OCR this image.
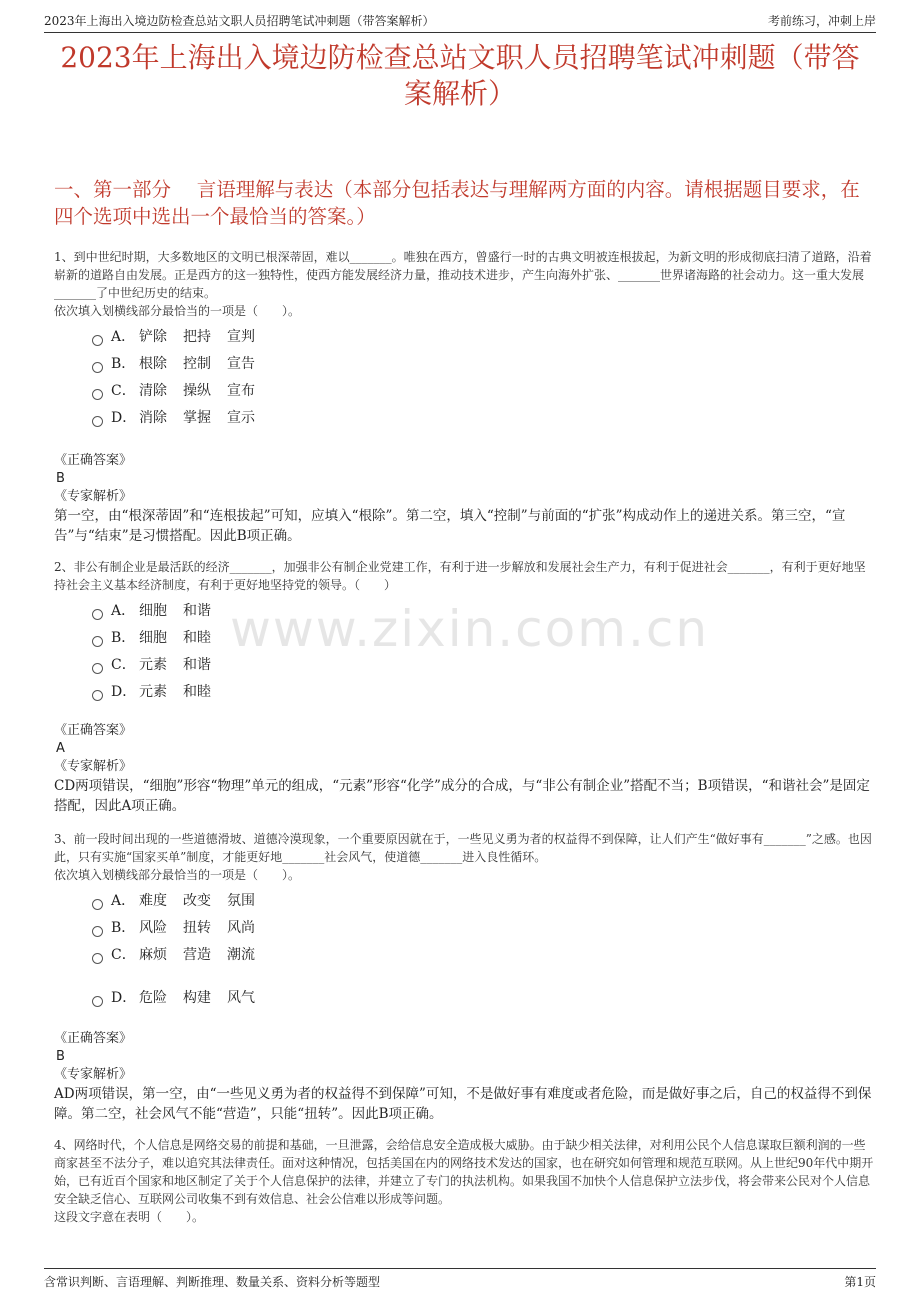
2023年上海出入境边防检查总站文职人员招聘笔试冲刺题（带答案解析）	考前练习，冲刺上岸
2023年上海出入境边防检查总站文职人员招聘笔试冲刺题（带答案解析）
一、第一部分　 言语理解与表达（本部分包括表达与理解两方面的内容。请根据题目要求，在四个选项中选出一个最恰当的答案。）
www.zixin.com.cn

1、到中世纪时期，大多数地区的文明已根深蒂固，难以_______。唯独在西方，曾盛行一时的古典文明被连根拔起，为新文明的形成彻底扫清了道路，沿着崭新的道路自由发展。正是西方的这一独特性，使西方能发展经济力量，推动技术进步，产生向海外扩张、_______世界诸海路的社会动力。这一重大发展_______了中世纪历史的结束。

依次填入划横线部分最恰当的一项是（　　）。

A． 铲除 把持 宣判
B． 根除 控制 宣告
C． 清除 操纵 宣布
D． 消除 掌握 宣示

《正确答案》

B

《专家解析》

第一空，由“根深蒂固”和“连根拔起”可知，应填入“根除”。第二空，填入“控制”与前面的“扩张”构成动作上的递进关系。第三空，“宣告”与“结束”是习惯搭配。因此B项正确。

2、非公有制企业是最活跃的经济_______，加强非公有制企业党建工作，有利于进一步解放和发展社会生产力，有利于促进社会_______，有利于更好地坚持社会主义基本经济制度，有利于更好地坚持党的领导。（　　）

A． 细胞 和谐
B． 细胞 和睦
C． 元素 和谐
D． 元素 和睦

《正确答案》

A

《专家解析》

CD两项错误，“细胞”形容“物理”单元的组成，“元素”形容“化学”成分的合成，与“非公有制企业”搭配不当；B项错误，“和谐社会”是固定搭配，因此A项正确。

3、前一段时间出现的一些道德滑坡、道德冷漠现象，一个重要原因就在于，一些见义勇为者的权益得不到保障，让人们产生“做好事有_______”之感。也因此，只有实施“国家买单”制度，才能更好地_______社会风气，使道德_______进入良性循环。

依次填入划横线部分最恰当的一项是（　　）。

A． 难度 改变 氛围
B． 风险 扭转 风尚
C． 麻烦 营造 潮流
D． 危险 构建 风气

《正确答案》

B

《专家解析》

AD两项错误，第一空，由“一些见义勇为者的权益得不到保障”可知，不是做好事有难度或者危险，而是做好事之后，自己的权益得不到保障。第二空，社会风气不能“营造”，只能“扭转”。因此B项正确。

4、网络时代，个人信息是网络交易的前提和基础，一旦泄露，会给信息安全造成极大威胁。由于缺少相关法律，对利用公民个人信息谋取巨额利润的一些商家甚至不法分子，难以追究其法律责任。面对这种情况，包括美国在内的网络技术发达的国家，也在研究如何管理和规范互联网。从上世纪90年代中期开始，已有近百个国家和地区制定了关于个人信息保护的法律，并建立了专门的执法机构。如果我国不加快个人信息保护立法步伐，将会带来公民对个人信息安全缺乏信心、互联网公司收集不到有效信息、社会公信难以形成等问题。

这段文字意在表明（　　）。

含常识判断、言语理解、判断推理、数量关系、资料分析等题型	第1页
